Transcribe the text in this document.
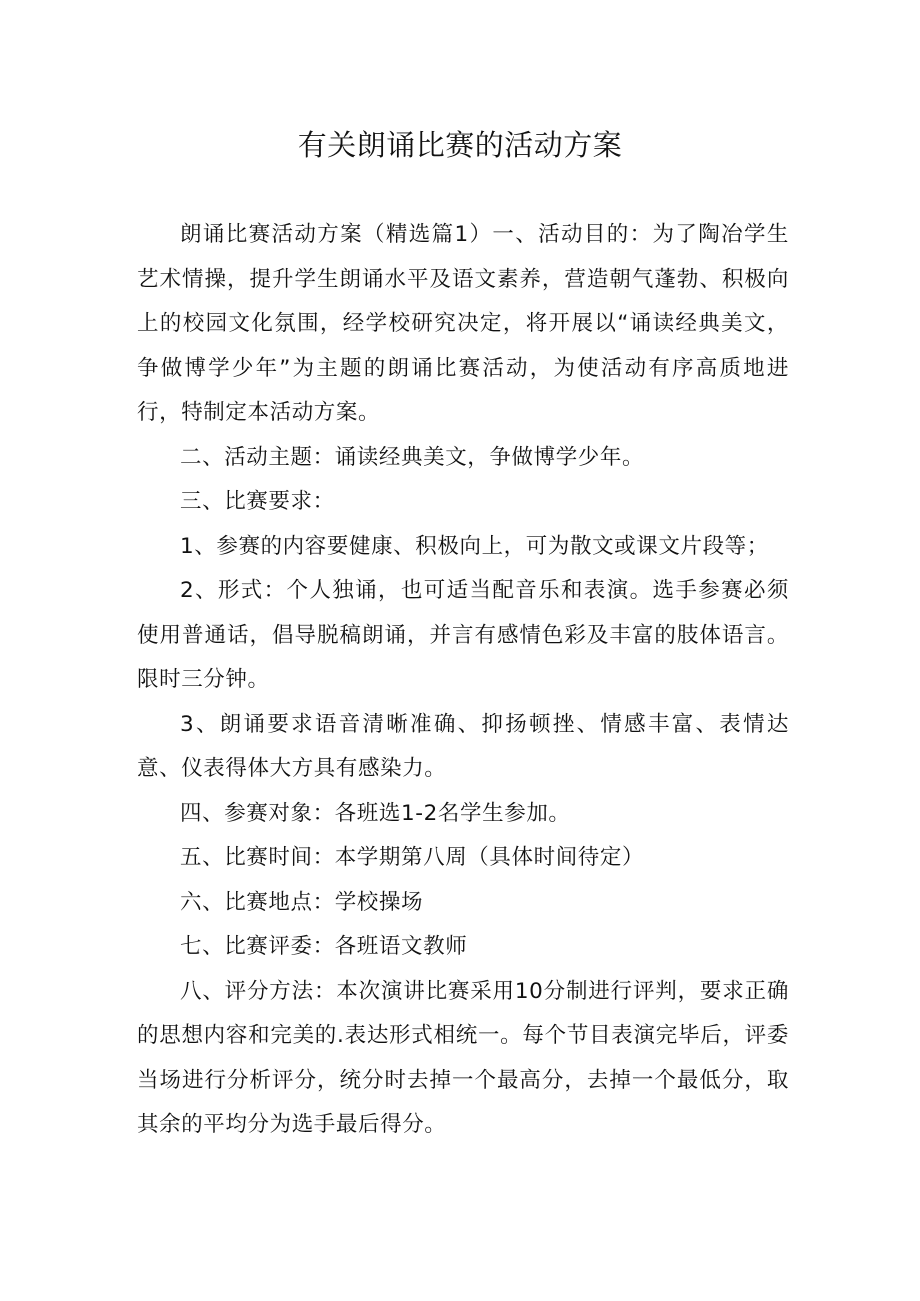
有关朗诵比赛的活动方案

朗诵比赛活动方案（精选篇1）一、活动目的：为了陶冶学生艺术情操，提升学生朗诵水平及语文素养，营造朝气蓬勃、积极向上的校园文化氛围，经学校研究决定，将开展以“诵读经典美文，争做博学少年”为主题的朗诵比赛活动，为使活动有序高质地进行，特制定本活动方案。

二、活动主题：诵读经典美文，争做博学少年。

三、比赛要求：

1、参赛的内容要健康、积极向上，可为散文或课文片段等；

2、形式：个人独诵，也可适当配音乐和表演。选手参赛必须使用普通话，倡导脱稿朗诵，并言有感情色彩及丰富的肢体语言。限时三分钟。

3、朗诵要求语音清晰准确、抑扬顿挫、情感丰富、表情达意、仪表得体大方具有感染力。

四、参赛对象：各班选1-2名学生参加。

五、比赛时间：本学期第八周（具体时间待定）

六、比赛地点：学校操场

七、比赛评委：各班语文教师

八、评分方法：本次演讲比赛采用10分制进行评判，要求正确的思想内容和完美的.表达形式相统一。每个节目表演完毕后，评委当场进行分析评分，统分时去掉一个最高分，去掉一个最低分，取其余的平均分为选手最后得分。
